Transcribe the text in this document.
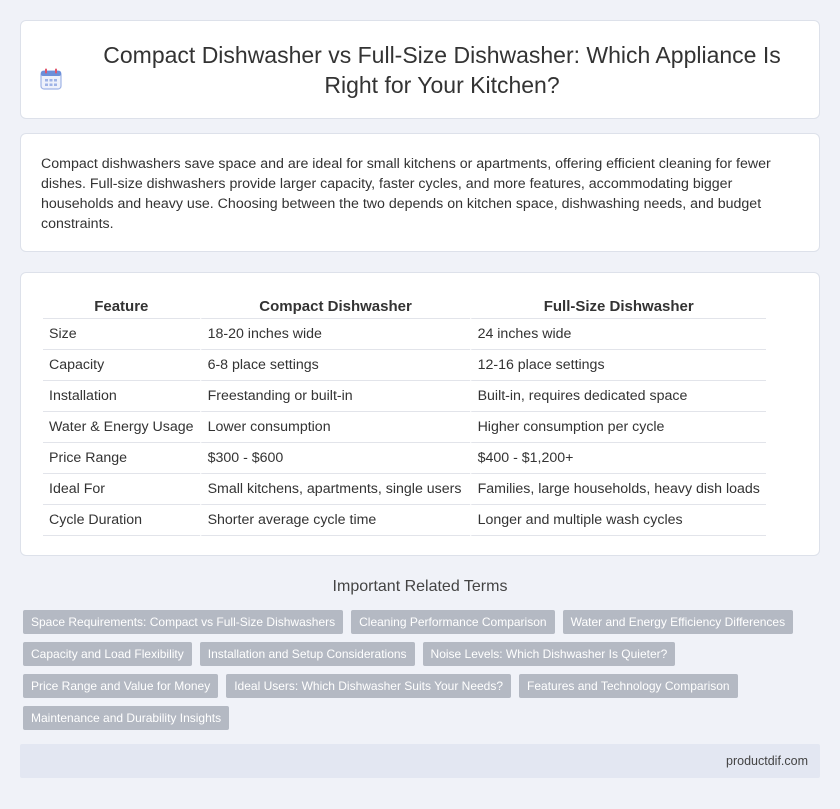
Compact Dishwasher vs Full-Size Dishwasher: Which Appliance Is Right for Your Kitchen?

Compact dishwashers save space and are ideal for small kitchens or apartments, offering efficient cleaning for fewer dishes. Full-size dishwashers provide larger capacity, faster cycles, and more features, accommodating bigger households and heavy use. Choosing between the two depends on kitchen space, dishwashing needs, and budget constraints.

Feature	Compact Dishwasher	Full-Size Dishwasher
Size	18-20 inches wide	24 inches wide
Capacity	6-8 place settings	12-16 place settings
Installation	Freestanding or built-in	Built-in, requires dedicated space
Water & Energy Usage	Lower consumption	Higher consumption per cycle
Price Range	$300 - $600	$400 - $1,200+
Ideal For	Small kitchens, apartments, single users	Families, large households, heavy dish loads
Cycle Duration	Shorter average cycle time	Longer and multiple wash cycles
Important Related Terms
Space Requirements: Compact vs Full-Size Dishwashers	Cleaning Performance Comparison	Water and Energy Efficiency Differences
Capacity and Load Flexibility	Installation and Setup Considerations	Noise Levels: Which Dishwasher Is Quieter?
Price Range and Value for Money	Ideal Users: Which Dishwasher Suits Your Needs?	Features and Technology Comparison
Maintenance and Durability Insights
productdif.com
